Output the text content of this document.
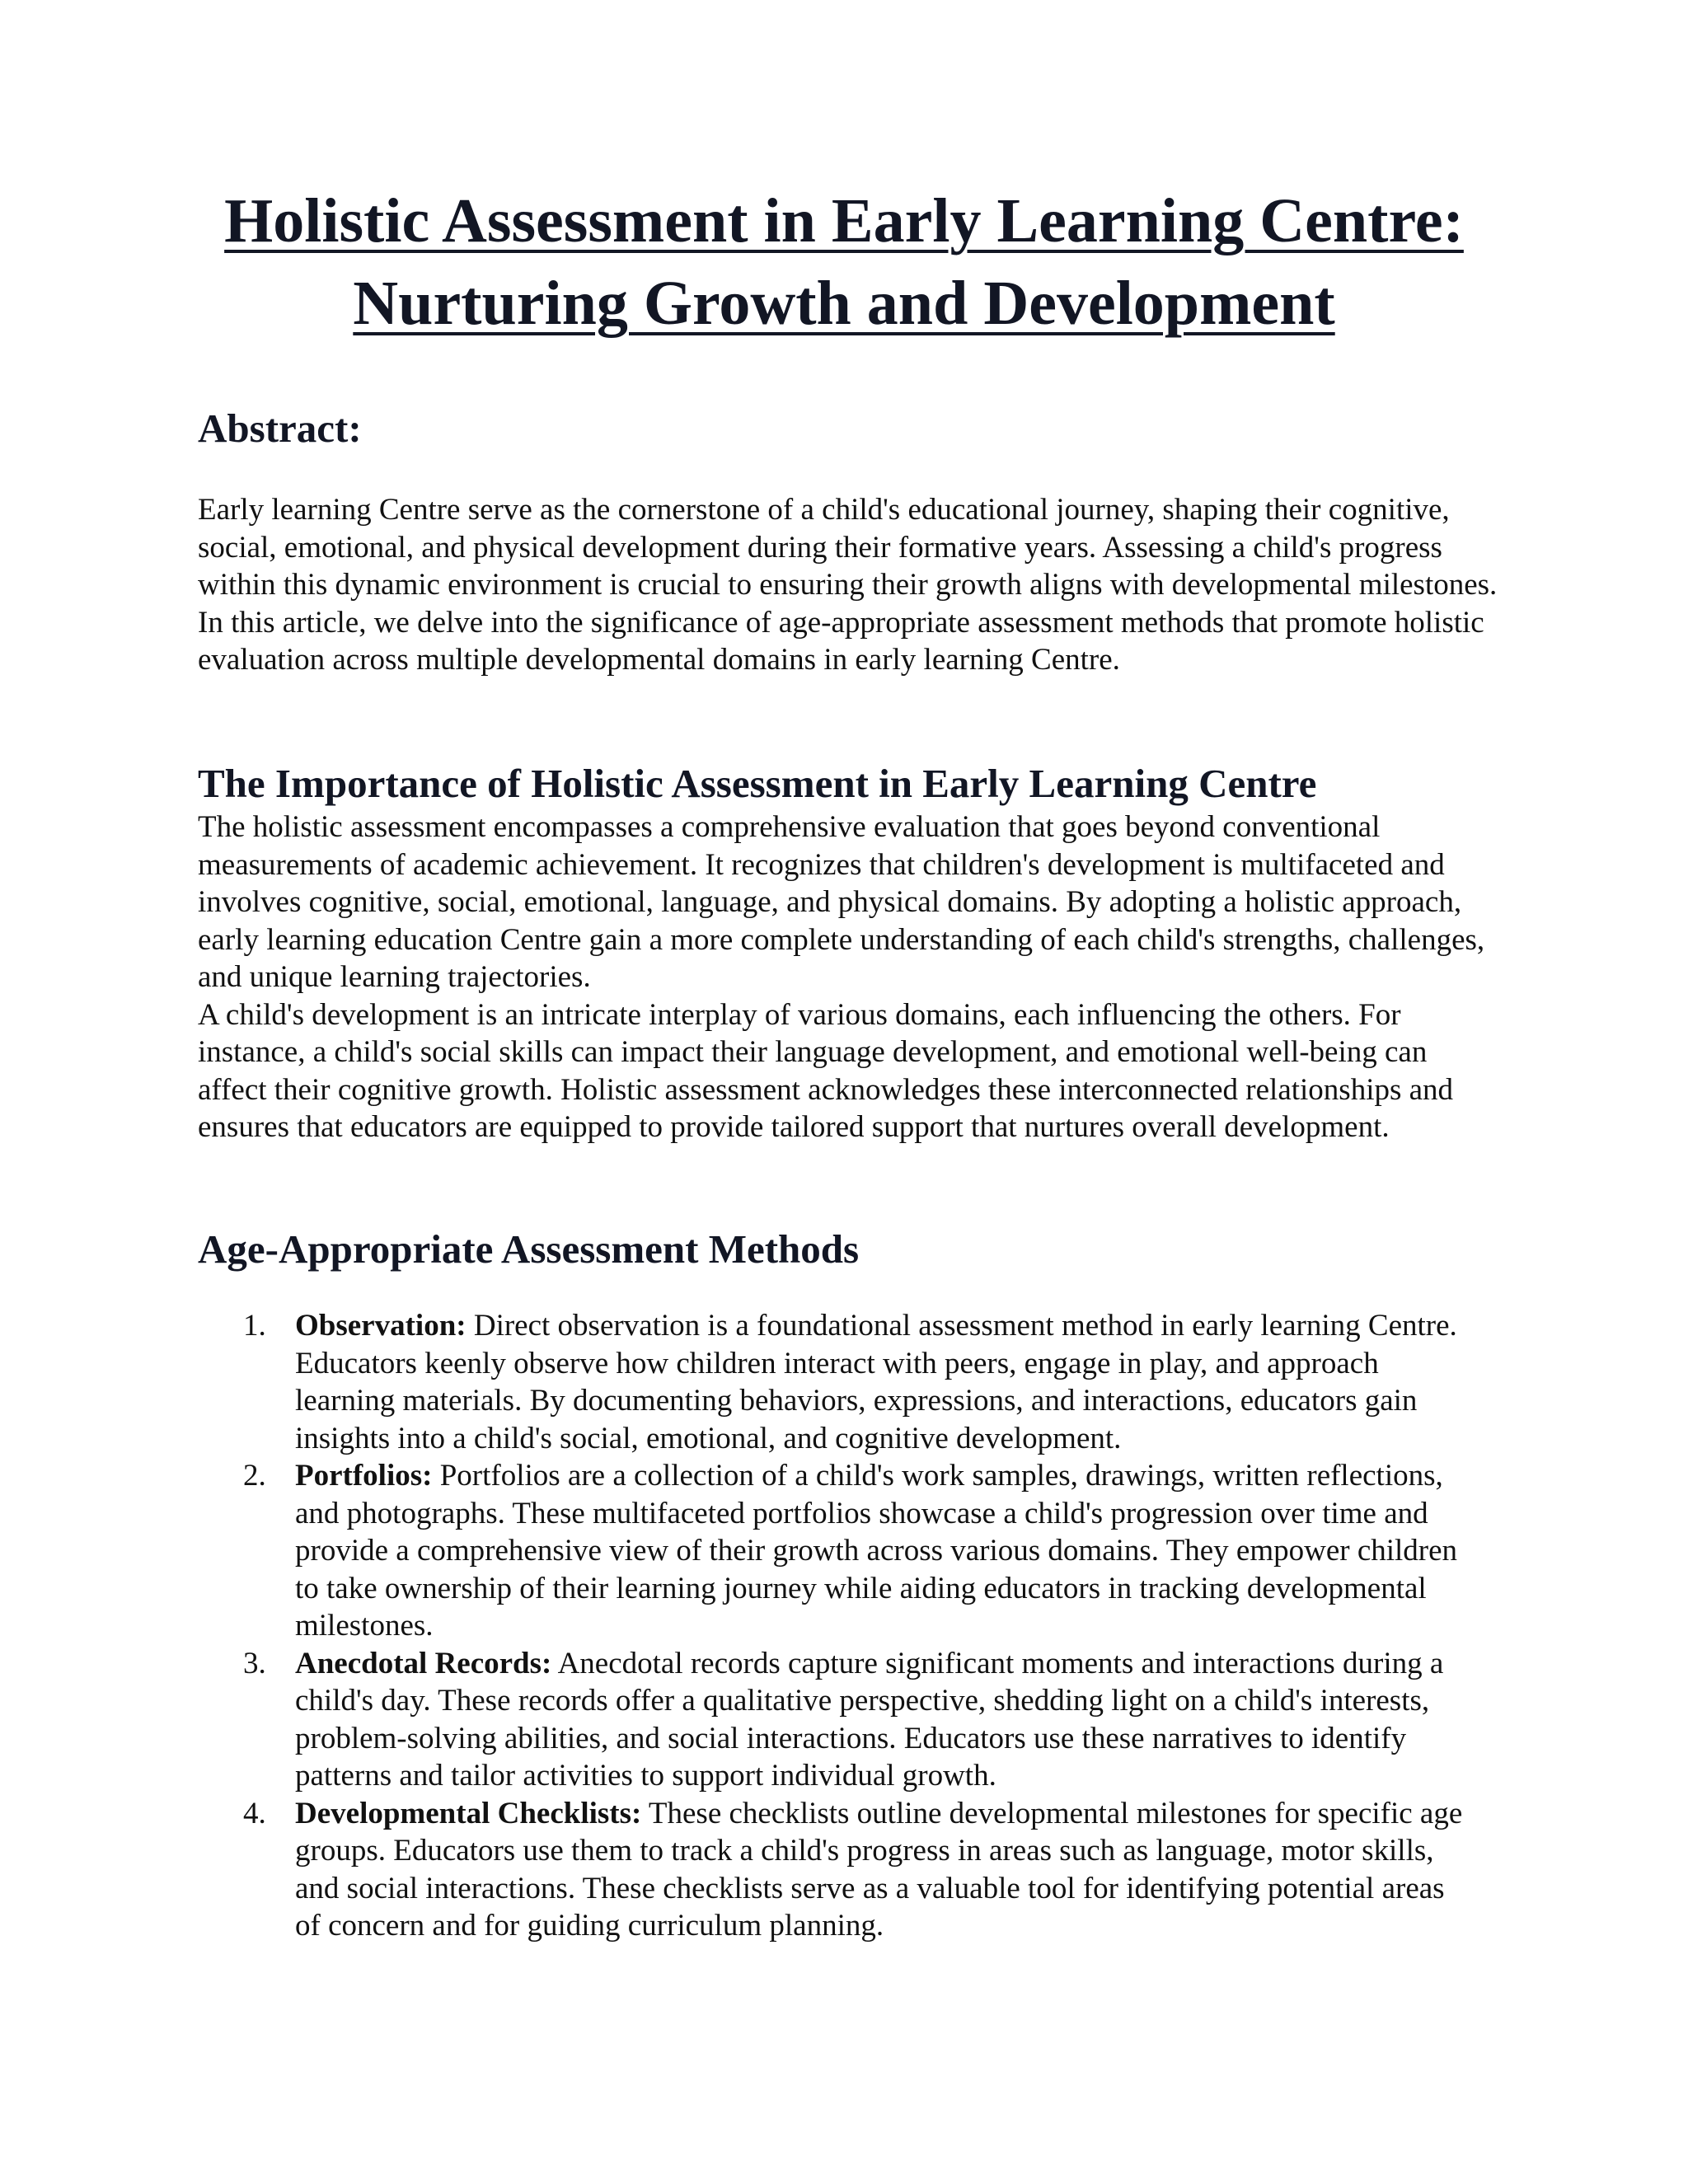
Holistic Assessment in Early Learning Centre:
Nurturing Growth and Development
Abstract:

Early learning Centre serve as the cornerstone of a child's educational journey, shaping their cognitive, social, emotional, and physical development during their formative years. Assessing a child's progress within this dynamic environment is crucial to ensuring their growth aligns with developmental milestones. In this article, we delve into the significance of age-appropriate assessment methods that promote holistic evaluation across multiple developmental domains in early learning Centre.

The Importance of Holistic Assessment in Early Learning Centre

The holistic assessment encompasses a comprehensive evaluation that goes beyond conventional measurements of academic achievement. It recognizes that children's development is multifaceted and involves cognitive, social, emotional, language, and physical domains. By adopting a holistic approach, early learning education Centre gain a more complete understanding of each child's strengths, challenges, and unique learning trajectories.

A child's development is an intricate interplay of various domains, each influencing the others. For instance, a child's social skills can impact their language development, and emotional well-being can affect their cognitive growth. Holistic assessment acknowledges these interconnected relationships and ensures that educators are equipped to provide tailored support that nurtures overall development.

Age-Appropriate Assessment Methods
1. Observation: Direct observation is a foundational assessment method in early learning Centre. Educators keenly observe how children interact with peers, engage in play, and approach learning materials. By documenting behaviors, expressions, and interactions, educators gain insights into a child's social, emotional, and cognitive development.
2. Portfolios: Portfolios are a collection of a child's work samples, drawings, written reflections, and photographs. These multifaceted portfolios showcase a child's progression over time and provide a comprehensive view of their growth across various domains. They empower children to take ownership of their learning journey while aiding educators in tracking developmental milestones.
3. Anecdotal Records: Anecdotal records capture significant moments and interactions during a child's day. These records offer a qualitative perspective, shedding light on a child's interests, problem-solving abilities, and social interactions. Educators use these narratives to identify patterns and tailor activities to support individual growth.
4. Developmental Checklists: These checklists outline developmental milestones for specific age groups. Educators use them to track a child's progress in areas such as language, motor skills, and social interactions. These checklists serve as a valuable tool for identifying potential areas of concern and for guiding curriculum planning.
